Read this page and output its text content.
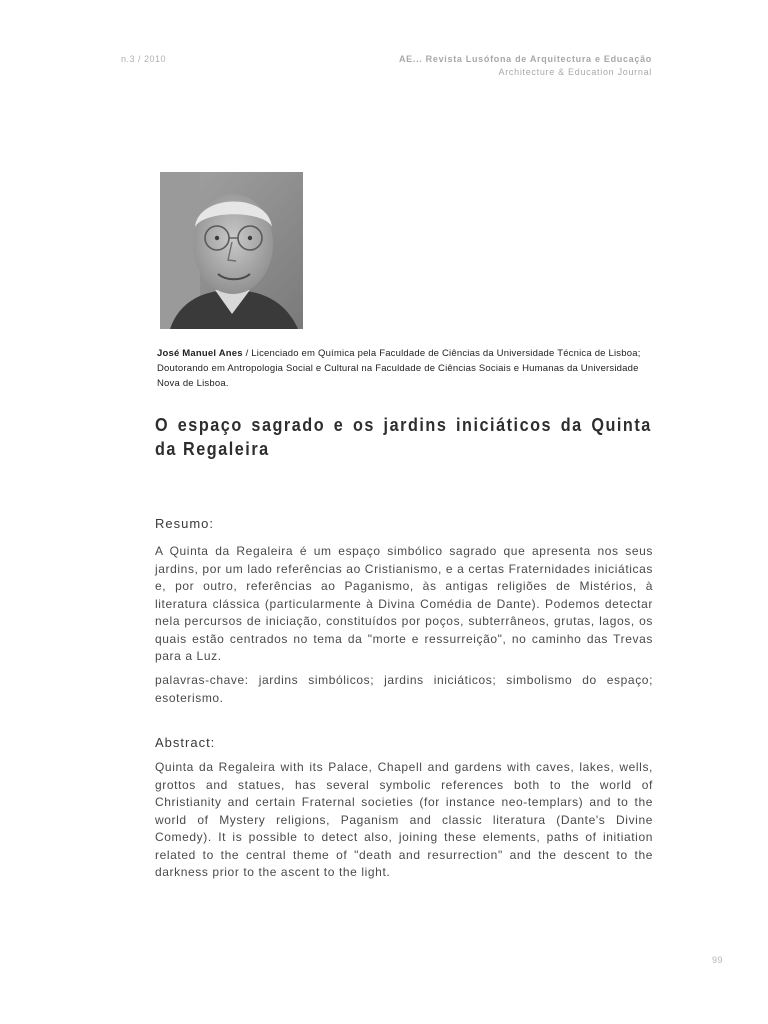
n.3 / 2010	AE... Revista Lusófona de Arquitectura e Educação
Architecture & Education Journal
José Manuel Anes / Licenciado em Química pela Faculdade de Ciências da Universidade Técnica de Lisboa; Doutorando em Antropologia Social e Cultural na Faculdade de Ciências Sociais e Humanas da Universidade Nova de Lisboa.
O espaço sagrado e os jardins iniciáticos da Quinta da Regaleira
Resumo:
A Quinta da Regaleira é um espaço simbólico sagrado que apresenta nos seus jardins, por um lado referências ao Cristianismo, e a certas Fraternidades iniciáticas e, por outro, referências ao Paganismo, às antigas religiões de Mistérios, à literatura clássica (particularmente à Divina Comédia de Dante). Podemos detectar nela percursos de iniciação, constituídos por poços, subterrâneos, grutas, lagos, os quais estão centrados no tema da "morte e ressurreição", no caminho das Trevas para a Luz.
palavras-chave: jardins simbólicos; jardins iniciáticos; simbolismo do espaço; esoterismo.
Abstract:
Quinta da Regaleira with its Palace, Chapell and gardens with caves, lakes, wells, grottos and statues, has several symbolic references both to the world of Christianity and certain Fraternal societies (for instance neo-templars) and to the world of Mystery religions, Paganism and classic literatura (Dante's Divine Comedy). It is possible to detect also, joining these elements, paths of initiation related to the central theme of "death and resurrection" and the descent to the darkness prior to the ascent to the light.
99
